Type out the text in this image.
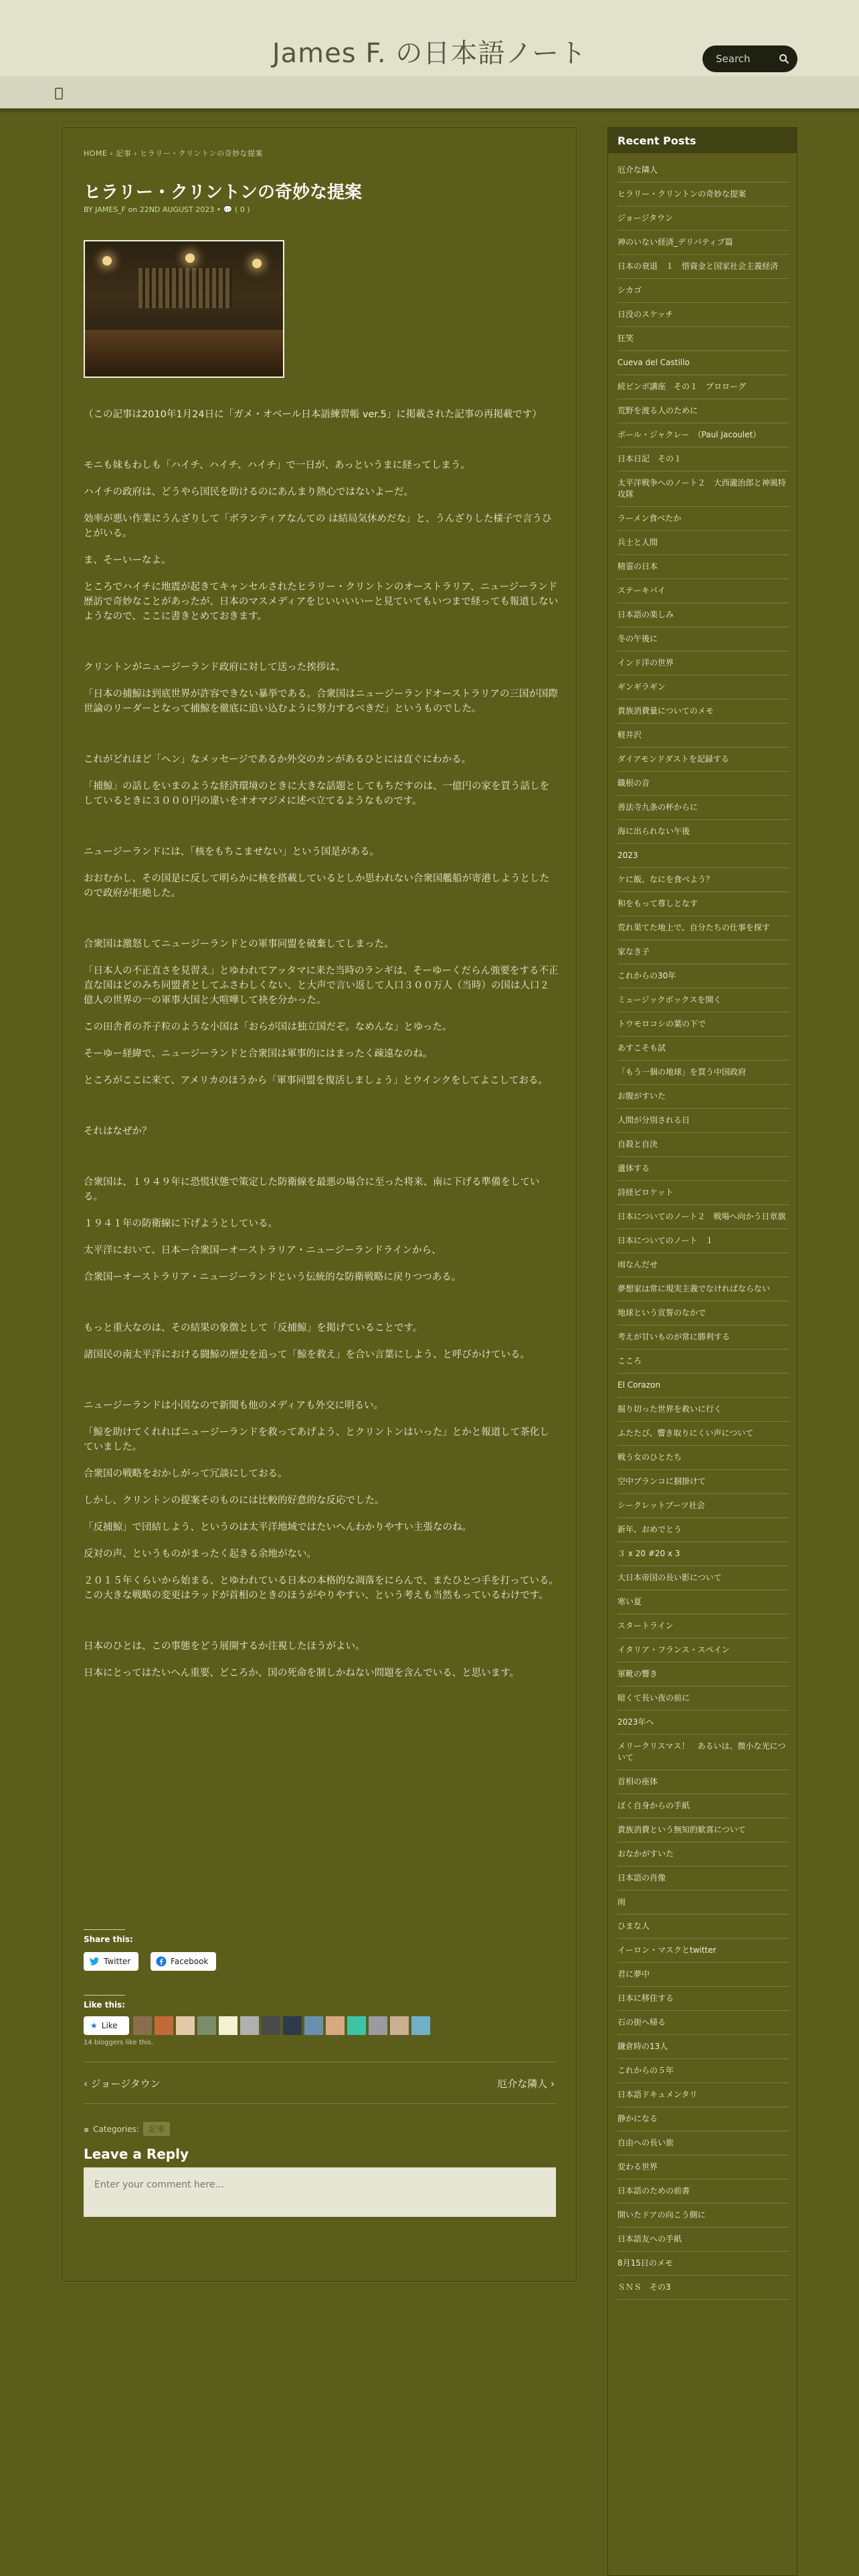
James F. の日本語ノート
Search
HOME › 記事 › ヒラリー・クリントンの奇妙な提案
ヒラリー・クリントンの奇妙な提案
BY JAMES_F on 22ND AUGUST 2023 • 💬 ( 0 )

（この記事は2010年1月24日に「ガメ・オベール日本語練習帳 ver.5」に掲載された記事の再掲載です）

モニも妹もわしも「ハイチ、ハイチ、ハイチ」で一日が、あっというまに経ってしまう。

ハイチの政府は、どうやら国民を助けるのにあんまり熱心ではないよーだ。

効率が悪い作業にうんざりして「ボランティアなんての は結局気休めだな」と、うんざりした様子で言うひとがいる。

ま、そーいーなよ。

ところでハイチに地震が起きてキャンセルされたヒラリー・クリントンのオーストラリア、ニュージーランド歴訪で奇妙なことがあったが、日本のマスメディアをじいいいいーと見ていてもいつまで経っても報道しないようなので、ここに書きとめておきます。

クリントンがニュージーランド政府に対して送った挨拶は、

「日本の捕鯨は到底世界が許容できない暴挙である。合衆国はニュージーランドオーストラリアの三国が国際世論のリーダーとなって捕鯨を徹底に追い込むように努力するべきだ」というものでした。

これがどれほど「ヘン」なメッセージであるか外交のカンがあるひとには直ぐにわかる。

「捕鯨」の話しをいまのような経済環境のときに大きな話題としてもちだすのは、一億円の家を買う話しをしているときに３０００円の違いをオオマジメに述べ立てるようなものです。

ニュージーランドには、「核をもちこませない」という国是がある。

おおむかし、その国是に反して明らかに核を搭載しているとしか思われない合衆国艦船が寄港しようとしたので政府が拒絶した。

合衆国は激怒してニュージーランドとの軍事同盟を破棄してしまった。

「日本人の不正直さを見習え」とゆわれてアッタマに来た当時のランギは、そーゆーくだらん強要をする不正直な国はどのみち同盟者としてふさわしくない、と大声で言い返して人口３００万人（当時）の国は人口２億人の世界の一の軍事大国と大喧嘩して袂を分かった。

この田舎者の芥子粒のような小国は「おらが国は独立国だぞ。なめんな」とゆった。

そーゆー経緯で、ニュージーランドと合衆国は軍事的にはまったく疎遠なのね。

ところがここに来て、アメリカのほうから「軍事同盟を復活しましょう」とウインクをしてよこしておる。

それはなぜか？

合衆国は、１９４９年に恐慌状態で策定した防衛線を最悪の場合に至った将来、南に下げる準備をしている。

１９４１年の防衛線に下げようとしている。

太平洋において、日本ー合衆国ーオーストラリア・ニュージーランドラインから、

合衆国ーオーストラリア・ニュージーランドという伝統的な防衛戦略に戻りつつある。

もっと重大なのは、その結果の象徴として「反捕鯨」を掲げていることです。

諸国民の南太平洋における闘鯨の歴史を追って「鯨を救え」を合い言葉にしよう、と呼びかけている。

ニュージーランドは小国なので新聞も他のメディアも外交に明るい。

「鯨を助けてくれればニュージーランドを救ってあげよう、とクリントンはいった」とかと報道して茶化していました。

合衆国の戦略をおかしがって冗談にしておる。

しかし、クリントンの提案そのものには比較的好意的な反応でした。

「反捕鯨」で団結しよう、というのは太平洋地域ではたいへんわかりやすい主張なのね。

反対の声、というものがまったく起きる余地がない。

２０１５年くらいから始まる、とゆわれている日本の本格的な凋落をにらんで、またひとつ手を打っている。この大きな戦略の変更はラッドが首相のときのほうがやりやすい、という考えも当然もっているわけです。

日本のひとは、この事態をどう展開するか注視したほうがよい。

日本にとってはたいへん重要、どころか、国の死命を制しかねない問題を含んでいる、と思います。

Share this:
Twitter	Facebook
Like this:
★ Like
14 bloggers like this.
‹ ジョージタウン	厄介な隣人 ›
▪ Categories:	記事
Leave a Reply
Enter your comment here...
Recent Posts
厄介な隣人
ヒラリー・クリントンの奇妙な提案
ジョージタウン
神のいない経済_デリバティブ篇
日本の衰退　１　惜資金と国家社会主義経済
シカゴ
日没のスケッチ
狂笑
Cueva del Castillo
続ビンボ講座　その１　プロローグ
荒野を渡る人のために
ポール・ジャクレー　（Paul Jacoulet）
日本日記　その１
太平洋戦争へのノート２　大西瀧治郎と神風特攻隊
ラーメン食べたか
兵士と人間
精霊の日本
ステーキパイ
日本語の楽しみ
冬の午後に
インド洋の世界
ギンギラギン
貴族消費量についてのメモ
軽井沢
ダイアモンドダストを記録する
職根の音
善法寺九条の杯からに
海に出られない午後
2023
ケに飯、なにを食べよう？
和をもって尊しとなす
荒れ果てた地上で、自分たちの仕事を探す
家なき子
これからの30年
ミュージックボックスを開く
トウモロコシの葉の下で
あすこそも試
「もう一個の地球」を買う中国政府
お腹がすいた
人間が分別される日
自殺と自決
遺体する
詩経ビロケット
日本についてのノート２　戦場へ向かう日章旗
日本についてのノート　１
雨なんだせ
夢想家は常に現実主義でなければならない
地球という宣誓のなかで
考えが甘いものが常に勝利する
こころ
El Corazon
掘り切った世界を救いに行く
ふたたび、響き取りにくい声について
戦う女のひとたち
空中ブランコに掴掛けて
シークレットブーツ社会
新年、おめでとう
３ x 20 #20 x 3
大日本帝国の長い影について
寒い夏
スタートライン
イタリア・フランス・スペイン
軍靴の響き
暗くて長い夜の前に
2023年へ
メリークリスマス！　あるいは、微小な光について
首相の座体
ぼく自身からの手紙
貴族消費という無知的歓喜について
おなかがすいた
日本語の肖像
雨
ひまな人
イーロン・マスクとtwitter
君に夢中
日本に移住する
石の街へ帰る
鎌倉時の13人
これからの５年
日本語ドキュメンタリ
静かになる
自由への長い旅
変わる世界
日本語のための前書
開いたドアの向こう側に
日本語友への手紙
8月15日のメモ
ＳＮＳ　その3
